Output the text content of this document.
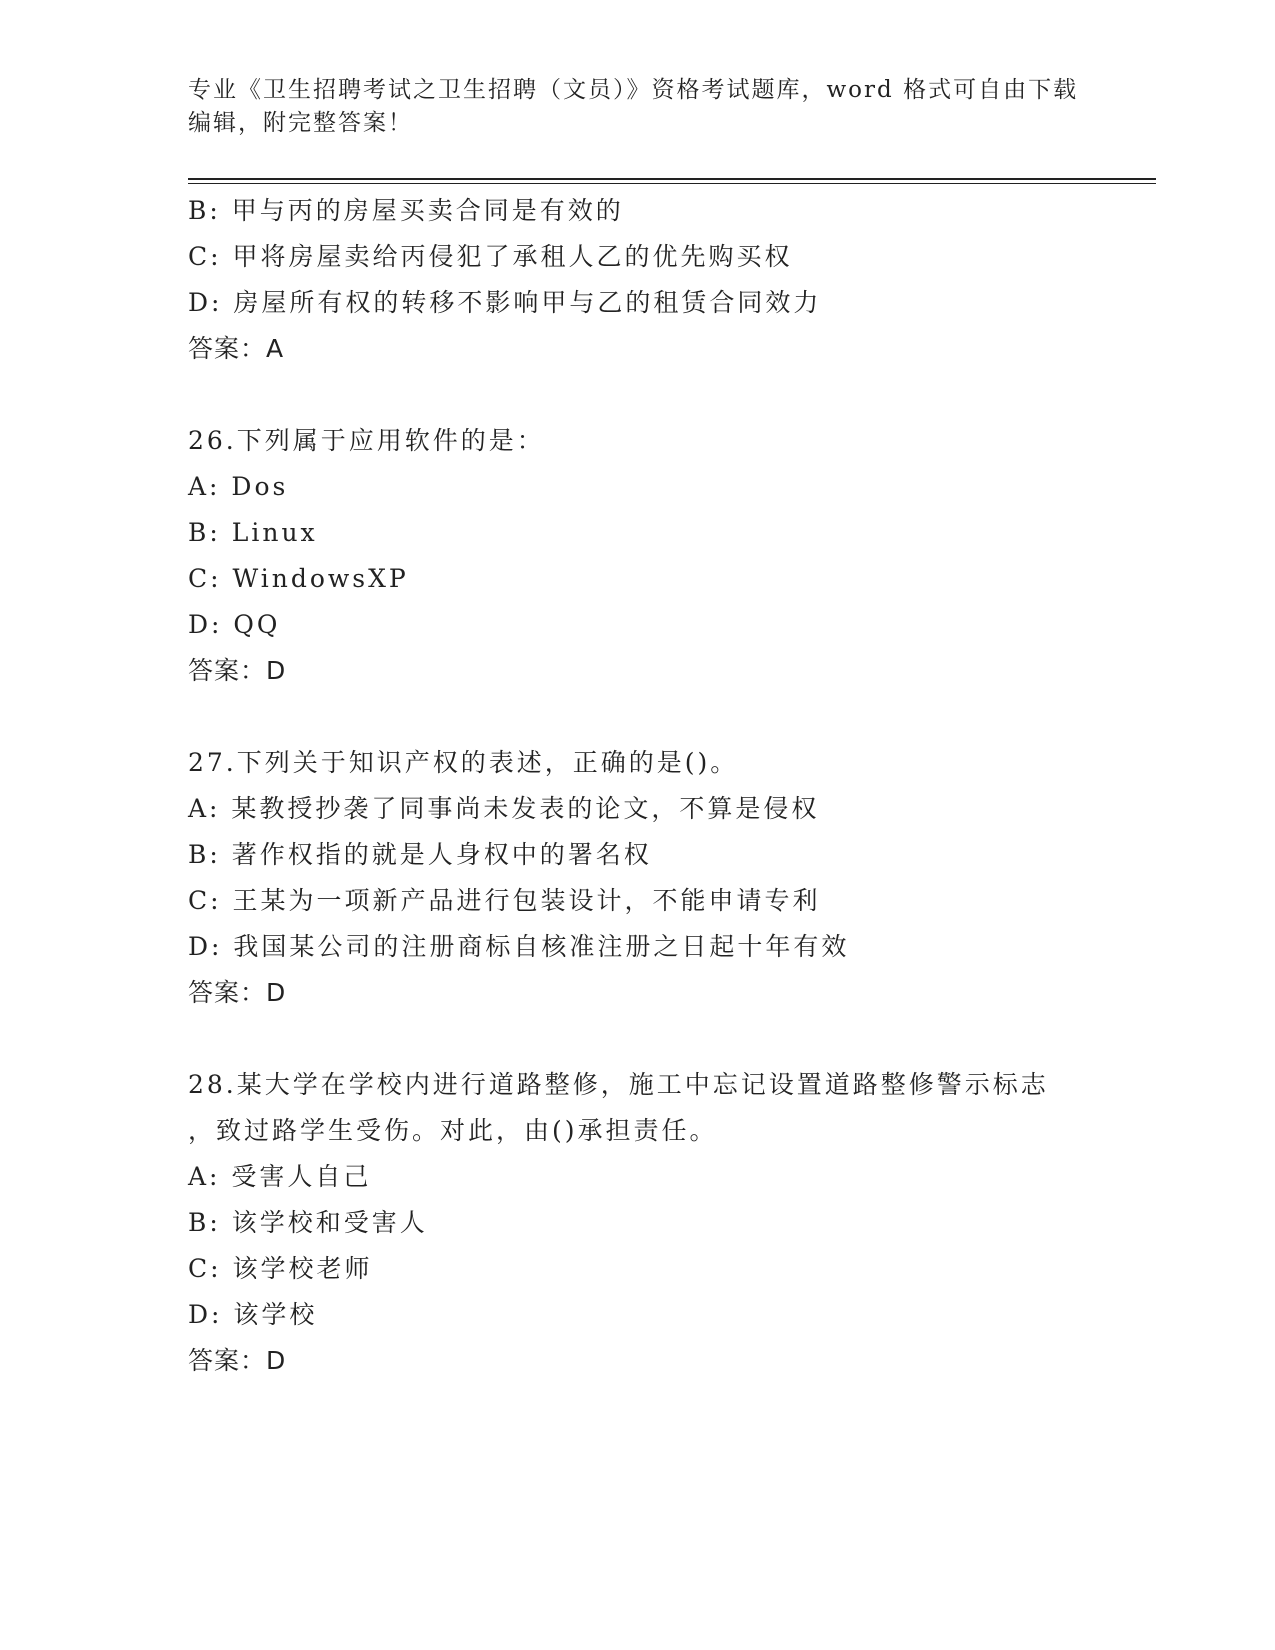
专业《卫生招聘考试之卫生招聘（文员）》资格考试题库，word 格式可自由下载
编辑，附完整答案！
B: 甲与丙的房屋买卖合同是有效的
C: 甲将房屋卖给丙侵犯了承租人乙的优先购买权
D: 房屋所有权的转移不影响甲与乙的租赁合同效力
答案：A
26.下列属于应用软件的是：
A: Dos
B: Linux
C: WindowsXP
D: QQ
答案：D
27.下列关于知识产权的表述，正确的是()。
A: 某教授抄袭了同事尚未发表的论文，不算是侵权
B: 著作权指的就是人身权中的署名权
C: 王某为一项新产品进行包装设计，不能申请专利
D: 我国某公司的注册商标自核准注册之日起十年有效
答案：D
28.某大学在学校内进行道路整修，施工中忘记设置道路整修警示标志
，致过路学生受伤。对此，由()承担责任。
A: 受害人自己
B: 该学校和受害人
C: 该学校老师
D: 该学校
答案：D
